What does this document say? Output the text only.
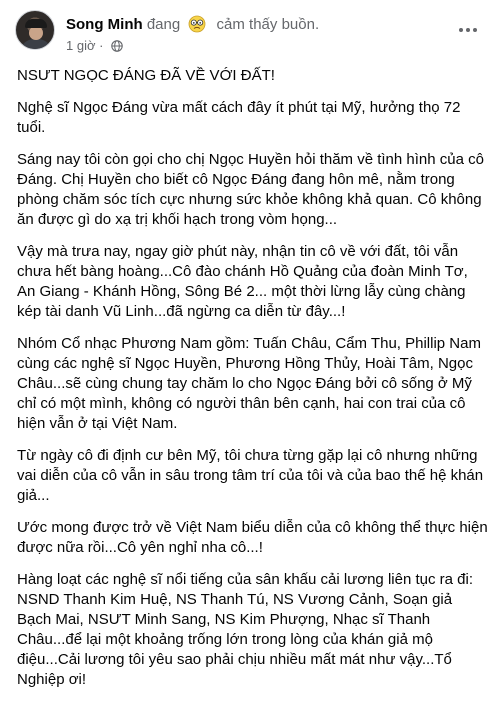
Song Minh đang cảm thấy buồn.
1 giờ ·

NSƯT NGỌC ĐÁNG ĐÃ VỀ VỚI ĐẤT!

Nghệ sĩ Ngọc Đáng vừa mất cách đây ít phút tại Mỹ, hưởng thọ 72 tuổi.

Sáng nay tôi còn gọi cho chị Ngọc Huyền hỏi thăm về tình hình của cô Đáng. Chị Huyền cho biết cô Ngọc Đáng đang hôn mê, nằm trong phòng chăm sóc tích cực nhưng sức khỏe không khả quan. Cô không ăn được gì do xạ trị khối hạch trong vòm họng...

Vậy mà trưa nay, ngay giờ phút này, nhận tin cô về với đất, tôi vẫn chưa hết bàng hoàng...Cô đào chánh Hồ Quảng của đoàn Minh Tơ, An Giang - Khánh Hồng, Sông Bé 2... một thời lừng lẫy cùng chàng kép tài danh Vũ Linh...đã ngừng ca diễn từ đây...!

Nhóm Cổ nhạc Phương Nam gồm: Tuấn Châu, Cẩm Thu, Phillip Nam cùng các nghệ sĩ Ngọc Huyền, Phương Hồng Thủy, Hoài Tâm, Ngọc Châu...sẽ cùng chung tay chăm lo cho Ngọc Đáng bởi cô sống ở Mỹ chỉ có một mình, không có người thân bên cạnh, hai con trai của cô hiện vẫn ở tại Việt Nam.

Từ ngày cô đi định cư bên Mỹ, tôi chưa từng gặp lại cô nhưng những vai diễn của cô vẫn in sâu trong tâm trí của tôi và của bao thế hệ khán giả...

Ước mong được trở về Việt Nam biểu diễn của cô không thể thực hiện được nữa rồi...Cô yên nghỉ nha cô...!

Hàng loạt các nghệ sĩ nổi tiếng của sân khấu cải lương liên tục ra đi: NSND Thanh Kim Huệ, NS Thanh Tú, NS Vương Cảnh, Soạn giả Bạch Mai, NSƯT Minh Sang, NS Kim Phượng, Nhạc sĩ Thanh Châu...để lại một khoảng trống lớn trong lòng của khán giả mộ điệu...Cải lương tôi yêu sao phải chịu nhiều mất mát như vậy...Tổ Nghiệp ơi!
